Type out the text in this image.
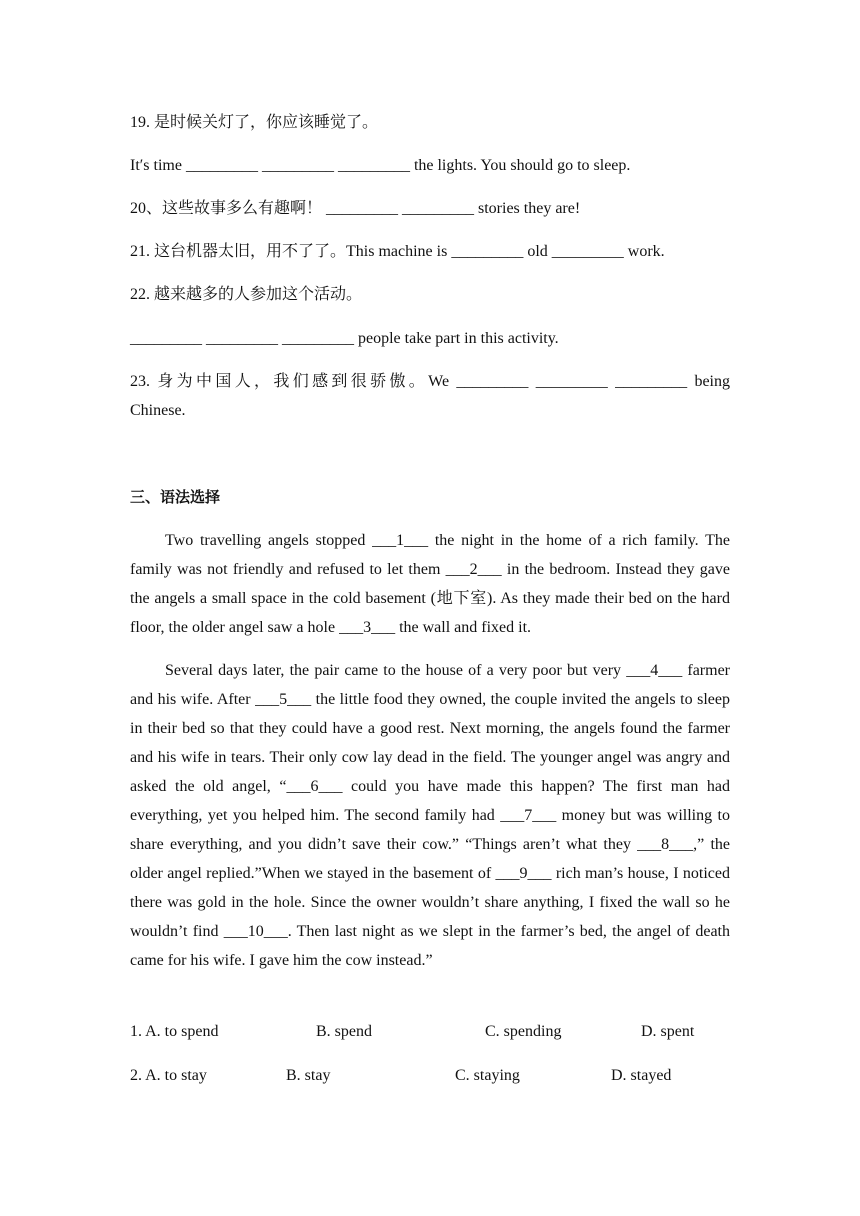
19. 是时候关灯了，你应该睡觉了。
It′s time _________ _________ _________ the lights. You should go to sleep.
20、这些故事多么有趣啊！ _________ _________ stories they are!
21. 这台机器太旧，用不了了。This machine is _________ old _________ work.
22. 越来越多的人参加这个活动。
_________ _________ _________ people take part in this activity.
23. 身为中国人，我们感到很骄傲。We _________ _________ _________ being
Chinese.
三、语法选择
Two travelling angels stopped ___1___ the night in the home of a rich family. The family was not friendly and refused to let them ___2___ in the bedroom. Instead they gave the angels a small space in the cold basement (地下室). As they made their bed on the hard floor, the older angel saw a hole ___3___ the wall and fixed it.
Several days later, the pair came to the house of a very poor but very ___4___ farmer and his wife. After ___5___ the little food they owned, the couple invited the angels to sleep in their bed so that they could have a good rest. Next morning, the angels found the farmer and his wife in tears. Their only cow lay dead in the field. The younger angel was angry and asked the old angel, “___6___ could you have made this happen? The first man had everything, yet you helped him. The second family had ___7___ money but was willing to share everything, and you didn’t save their cow.” “Things aren’t what they ___8___,” the older angel replied.”When we stayed in the basement of ___9___ rich man’s house, I noticed there was gold in the hole. Since the owner wouldn’t share anything, I fixed the wall so he wouldn’t find ___10___. Then last night as we slept in the farmer’s bed, the angel of death came for his wife. I gave him the cow instead.”
1. A. to spend	B. spend	C. spending	D. spent
2. A. to stay	B. stay	C. staying	D. stayed
